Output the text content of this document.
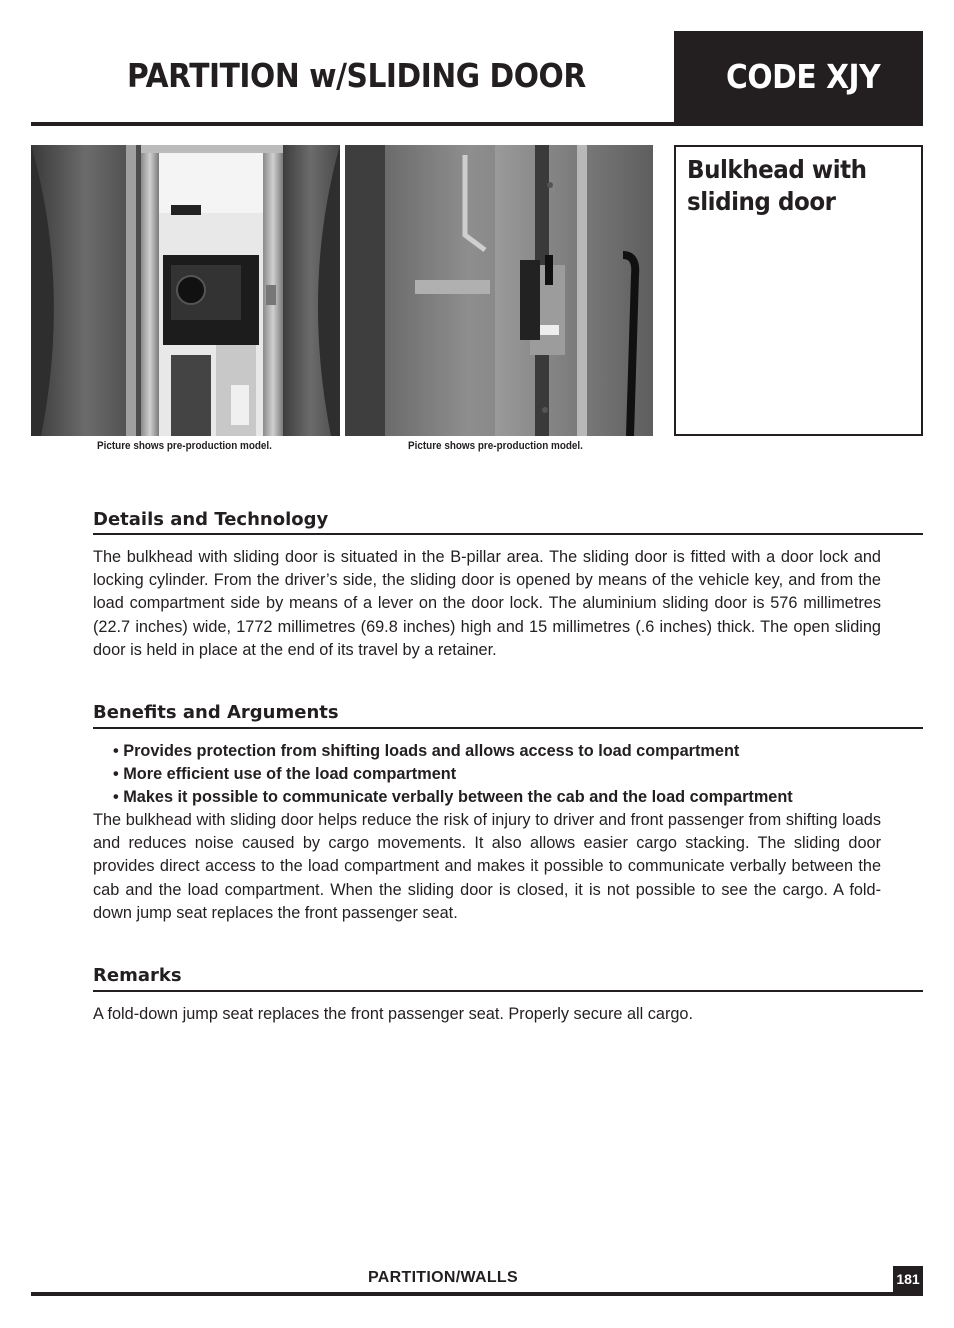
PARTITION w/SLIDING DOOR	CODE XJY
Picture shows pre-production model.	Picture shows pre-production model.
Bulkhead with sliding door
Details and Technology
The bulkhead with sliding door is situated in the B-pillar area. The sliding door is fitted with a door lock and locking cylinder. From the driver’s side, the sliding door is opened by means of the vehicle key, and from the load compartment side by means of a lever on the door lock. The aluminium sliding door is 576 millimetres (22.7 inches) wide, 1772 millimetres (69.8 inches) high and 15 millimetres (.6 inches) thick. The open sliding door is held in place at the end of its travel by a retainer.
Benefits and Arguments
• Provides protection from shifting loads and allows access to load compartment
• More efficient use of the load compartment
• Makes it possible to communicate verbally between the cab and the load compartment
The bulkhead with sliding door helps reduce the risk of injury to driver and front passenger from shifting loads and reduces noise caused by cargo movements. It also allows easier cargo stacking. The sliding door provides direct access to the load compartment and makes it possible to communicate verbally between the cab and the load compartment. When the sliding door is closed, it is not possible to see the cargo. A fold-down jump seat replaces the front passenger seat.
Remarks
A fold-down jump seat replaces the front passenger seat. Properly secure all cargo.
PARTITION/WALLS	181
